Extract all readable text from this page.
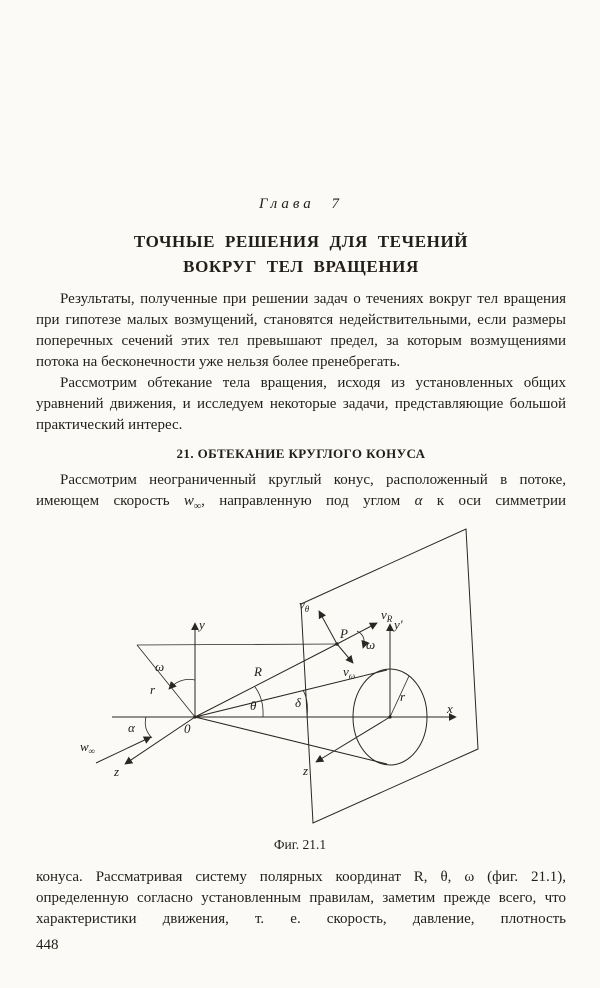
Глава 7
ТОЧНЫЕ РЕШЕНИЯ ДЛЯ ТЕЧЕНИЙ
ВОКРУГ ТЕЛ ВРАЩЕНИЯ

Результаты, полученные при решении задач о течениях вокруг тел вращения при гипотезе малых возмущений, становятся недействительными, если размеры поперечных сечений этих тел превышают предел, за которым возмущениями потока на бесконечности уже нельзя более пренебрегать.

Рассмотрим обтекание тела вращения, исходя из установленных общих уравнений движения, и исследуем некоторые задачи, представляющие большой практический интерес.

21. ОБТЕКАНИЕ КРУГЛОГО КОНУСА

Рассмотрим неограниченный круглый конус, расположенный в потоке, имеющем скорость $w_\infty$, направленную под углом α к оси симметрии

y	y'
x
z	z
0
P
R
θ	δ
ω
ω
α
r	r
$w_\infty$
$v_\theta$	$v_R$
$v_\omega$
Фиг. 21.1

конуса. Рассматривая систему полярных координат R, θ, ω (фиг. 21.1), определенную согласно установленным правилам, заметим прежде всего, что характеристики движения, т. е. скорость, давление, плотность

448
